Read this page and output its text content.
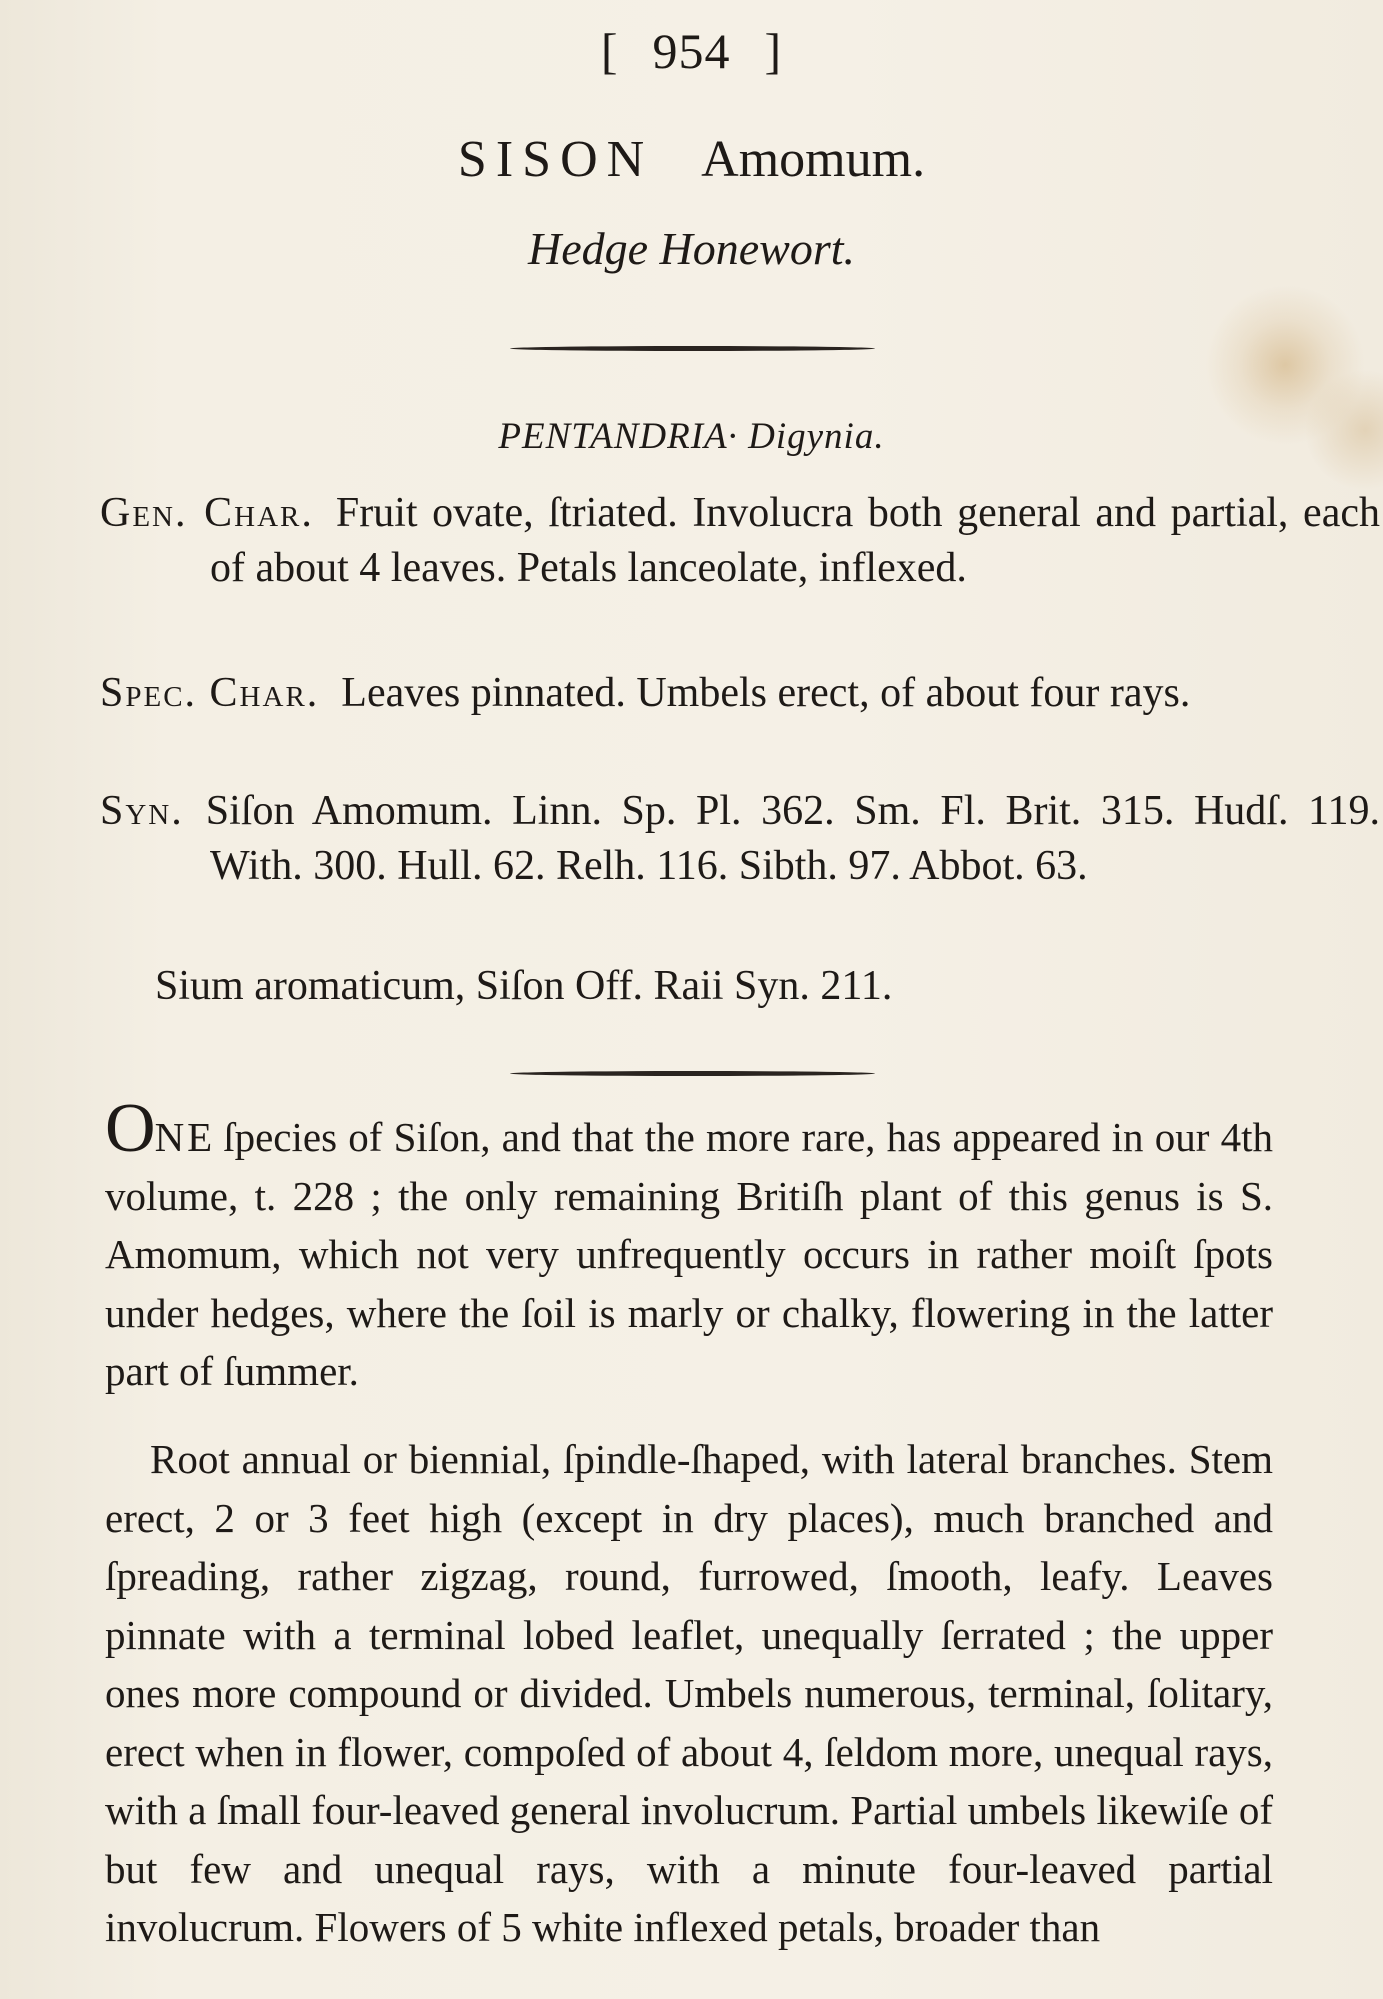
[ 954 ]
SISON Amomum.
Hedge Honewort.
PENTANDRIA· Digynia.
Gen. Char. Fruit ovate, ſtriated. Involucra both general and partial, each of about 4 leaves. Petals lanceolate, inflexed.
Spec. Char. Leaves pinnated. Umbels erect, of about four rays.
Syn. Siſon Amomum. Linn. Sp. Pl. 362. Sm. Fl. Brit. 315. Hudſ. 119. With. 300. Hull. 62. Relh. 116. Sibth. 97. Abbot. 63.
Sium aromaticum, Siſon Off. Raii Syn. 211.
ONE ſpecies of Siſon, and that the more rare, has appeared in our 4th volume, t. 228 ; the only remaining Britiſh plant of this genus is S. Amomum, which not very unfrequently occurs in rather moiſt ſpots under hedges, where the ſoil is marly or chalky, flowering in the latter part of ſummer.
Root annual or biennial, ſpindle-ſhaped, with lateral branches. Stem erect, 2 or 3 feet high (except in dry places), much branched and ſpreading, rather zigzag, round, furrowed, ſmooth, leafy. Leaves pinnate with a terminal lobed leaflet, unequally ſerrated ; the upper ones more compound or divided. Umbels numerous, terminal, ſolitary, erect when in flower, compoſed of about 4, ſeldom more, unequal rays, with a ſmall four-leaved general involucrum. Partial umbels likewiſe of but few and unequal rays, with a minute four-leaved partial involucrum. Flowers of 5 white inflexed petals, broader than
